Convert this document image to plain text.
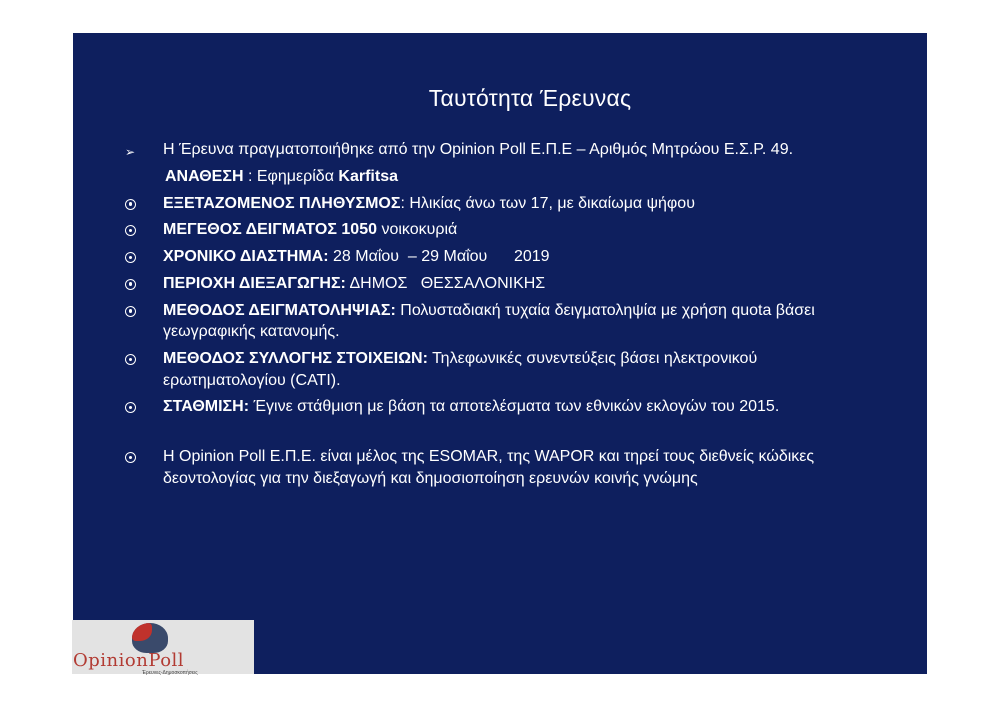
Ταυτότητα Έρευνας
➢ Η Έρευνα πραγματοποιήθηκε από την Opinion Poll Ε.Π.Ε – Αριθμός Μητρώου Ε.Σ.Ρ. 49.
ΑΝΑΘΕΣΗ : Εφημερίδα Karfitsa
ΕΞΕΤΑΖΟΜΕΝΟΣ ΠΛΗΘΥΣΜΟΣ: Ηλικίας άνω των 17, με δικαίωμα ψήφου
ΜΕΓΕΘΟΣ ΔΕΙΓΜΑΤΟΣ 1050 νοικοκυριά
ΧΡΟΝΙΚΟ ΔΙΑΣΤΗΜΑ: 28 Μαΐου  – 29 Μαΐου      2019
ΠΕΡΙΟΧΗ ΔΙΕΞΑΓΩΓΗΣ: ΔΗΜΟΣ   ΘΕΣΣΑΛΟΝΙΚΗΣ
ΜΕΘΟΔΟΣ ΔΕΙΓΜΑΤΟΛΗΨΙΑΣ: Πολυσταδιακή τυχαία δειγματοληψία με χρήση quota βάσει γεωγραφικής κατανομής.
ΜΕΘΟΔΟΣ ΣΥΛΛΟΓΗΣ ΣΤΟΙΧΕΙΩΝ: Τηλεφωνικές συνεντεύξεις βάσει ηλεκτρονικού ερωτηματολογίου (CATI).
ΣΤΑΘΜΙΣΗ: Έγινε στάθμιση με βάση τα αποτελέσματα των εθνικών εκλογών του 2015.
Η Opinion Poll Ε.Π.Ε. είναι μέλος της ESOMAR, της WAPOR και τηρεί τους διεθνείς κώδικες δεοντολογίας για την διεξαγωγή και δημοσιοποίηση ερευνών κοινής γνώμης
OpinionPoll
Έρευνες-Δημοσκοπήσεις
